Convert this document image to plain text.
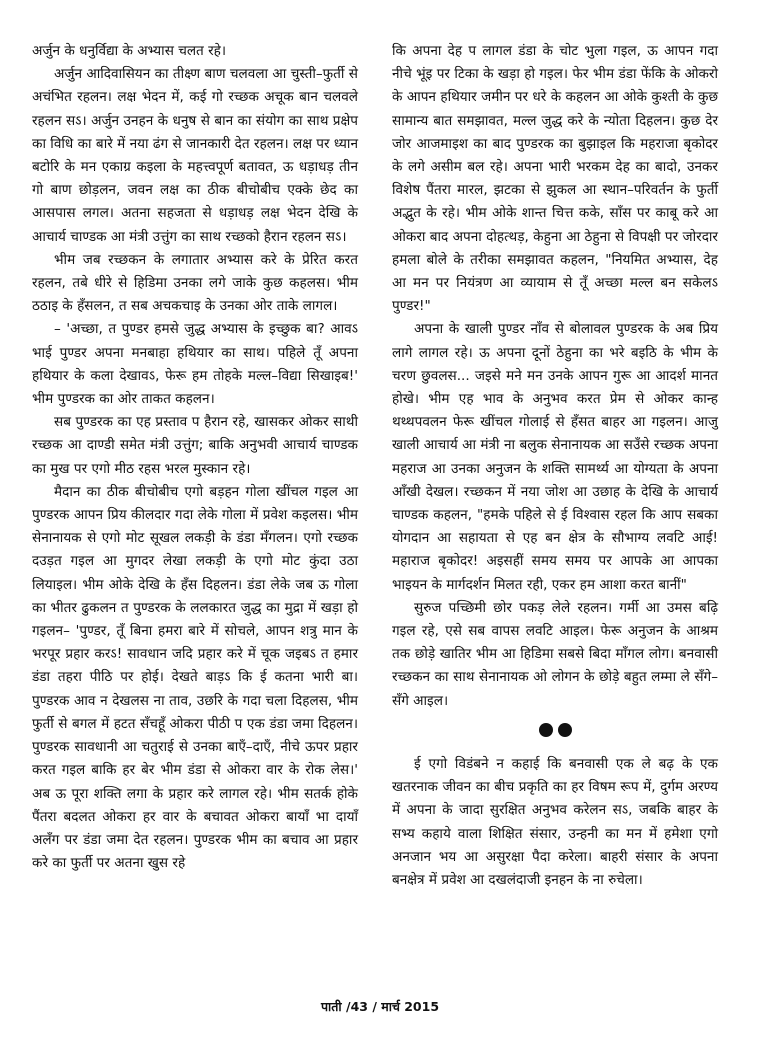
अर्जुन के धनुर्विद्या के अभ्यास चलत रहे।

अर्जुन आदिवासियन का तीक्ष्ण बाण चलवला आ चुस्ती–फुर्ती से अचंभित रहलन। लक्ष भेदन में, कई गो रच्छक अचूक बान चलवले रहलन सऽ। अर्जुन उनहन के धनुष से बान का संयोग का साथ प्रक्षेप का विधि का बारे में नया ढंग से जानकारी देत रहलन। लक्ष पर ध्यान बटोरि के मन एकाग्र कइला के महत्त्वपूर्ण बतावत, ऊ धड़ाधड़ तीन गो बाण छोड़लन, जवन लक्ष का ठीक बीचोबीच एक्के छेद का आसपास लगल। अतना सहजता से धड़ाधड़ लक्ष भेदन देखि के आचार्य चाण्डक आ मंत्री उत्तुंग का साथ रच्छको हैरान रहलन सऽ।

भीम जब रच्छकन के लगातार अभ्यास करे के प्रेरित करत रहलन, तबे धीरे से हिडिमा उनका लगे जाके कुछ कहलस। भीम ठठाइ के हँसलन, त सब अचकचाइ के उनका ओर ताके लागल।

– 'अच्छा, त पुण्डर हमसे जुद्ध अभ्यास के इच्छुक बा? आवऽ भाई पुण्डर अपना मनबाहा हथियार का साथ। पहिले तूँ अपना हथियार के कला देखावऽ, फेरू हम तोहके मल्ल–विद्या सिखाइब!' भीम पुण्डरक का ओर ताकत कहलन।

सब पुण्डरक का एह प्रस्ताव प हैरान रहे, खासकर ओकर साथी रच्छक आ दाण्डी समेत मंत्री उत्तुंग; बाकि अनुभवी आचार्य चाण्डक का मुख पर एगो मीठ रहस भरल मुस्कान रहे।

मैदान का ठीक बीचोबीच एगो बड़हन गोला खींचल गइल आ पुण्डरक आपन प्रिय कीलदार गदा लेके गोला में प्रवेश कइलस। भीम सेनानायक से एगो मोट सूखल लकड़ी के डंडा मँगलन। एगो रच्छक दउड़त गइल आ मुगदर लेखा लकड़ी के एगो मोट कुंदा उठा लियाइल। भीम ओके देखि के हँस दिहलन। डंडा लेके जब ऊ गोला का भीतर ढुकलन त पुण्डरक के ललकारत जुद्ध का मुद्रा में खड़ा हो गइलन– 'पुण्डर, तूँ बिना हमरा बारे में सोचले, आपन शत्रु मान के भरपूर प्रहार करऽ! सावधान जदि प्रहार करे में चूक जइबऽ त हमार डंडा तहरा पीठि पर होई। देखते बाड़ऽ कि ई कतना भारी बा। पुण्डरक आव न देखलस ना ताव, उछरि के गदा चला दिहलस, भीम फुर्ती से बगल में हटत सँचहूँ ओकरा पीठी प एक डंडा जमा दिहलन। पुण्डरक सावधानी आ चतुराई से उनका बाएँ–दाएँ, नीचे ऊपर प्रहार करत गइल बाकि हर बेर भीम डंडा से ओकरा वार के रोक लेस।' अब ऊ पूरा शक्ति लगा के प्रहार करे लागल रहे। भीम सतर्क होके पैंतरा बदलत ओकरा हर वार के बचावत ओकरा बायाँ भा दायाँ अलँग पर डंडा जमा देत रहलन। पुण्डरक भीम का बचाव आ प्रहार करे का फुर्ती पर अतना खुस रहे

कि अपना देह प लागल डंडा के चोट भुला गइल, ऊ आपन गदा नीचे भूंइ पर टिका के खड़ा हो गइल। फेर भीम डंडा फेंकि के ओकरो के आपन हथियार जमीन पर धरे के कहलन आ ओके कुश्ती के कुछ सामान्य बात समझावत, मल्ल जुद्ध करे के न्योता दिहलन। कुछ देर जोर आजमाइश का बाद पुण्डरक का बुझाइल कि महराजा बृकोदर के लगे असीम बल रहे। अपना भारी भरकम देह का बादो, उनकर विशेष पैंतरा मारल, झटका से झुकल आ स्थान–परिवर्तन के फुर्ती अद्भुत के रहे। भीम ओके शान्त चित्त कके, साँस पर काबू करे आ ओकरा बाद अपना दोहत्थड़, केहुना आ ठेहुना से विपक्षी पर जोरदार हमला बोले के तरीका समझावत कहलन, "नियमित अभ्यास, देह आ मन पर नियंत्रण आ व्यायाम से तूँ अच्छा मल्ल बन सकेलऽ पुण्डर!"

अपना के खाली पुण्डर नाँव से बोलावल पुण्डरक के अब प्रिय लागे लागल रहे। ऊ अपना दूनों ठेहुना का भरे बइठि के भीम के चरण छुवलस... जइसे मने मन उनके आपन गुरू आ आदर्श मानत होखे। भीम एह भाव के अनुभव करत प्रेम से ओकर कान्ह थथ्थपवलन फेरू खींचल गोलाई से हँसत बाहर आ गइलन। आजु खाली आचार्य आ मंत्री ना बलुक सेनानायक आ सउँसे रच्छक अपना महराज आ उनका अनुजन के शक्ति सामर्थ्य आ योग्यता के अपना आँखी देखल। रच्छकन में नया जोश आ उछाह के देखि के आचार्य चाण्डक कहलन, "हमके पहिले से ई विश्वास रहल कि आप सबका योगदान आ सहायता से एह बन क्षेत्र के सौभाग्य लवटि आई! महाराज बृकोदर! अइसहीं समय समय पर आपके आ आपका भाइयन के मार्गदर्शन मिलत रही, एकर हम आशा करत बानीं"

सुरुज पच्छिमी छोर पकड़ लेले रहलन। गर्मी आ उमस बढ़ि गइल रहे, एसे सब वापस लवटि आइल। फेरू अनुजन के आश्रम तक छोड़े खातिर भीम आ हिडिमा सबसे बिदा माँगल लोग। बनवासी रच्छकन का साथ सेनानायक ओ लोगन के छोड़े बहुत लम्मा ले सँगे–सँगे आइल।

ई एगो विडंबने न कहाई कि बनवासी एक ले बढ़ के एक खतरनाक जीवन का बीच प्रकृति का हर विषम रूप में, दुर्गम अरण्य में अपना के जादा सुरक्षित अनुभव करेलन सऽ, जबकि बाहर के सभ्य कहाये वाला शिक्षित संसार, उन्हनी का मन में हमेशा एगो अनजान भय आ असुरक्षा पैदा करेला। बाहरी संसार के अपना बनक्षेत्र में प्रवेश आ दखलंदाजी इनहन के ना रुचेला।

पाती /43 / मार्च 2015
